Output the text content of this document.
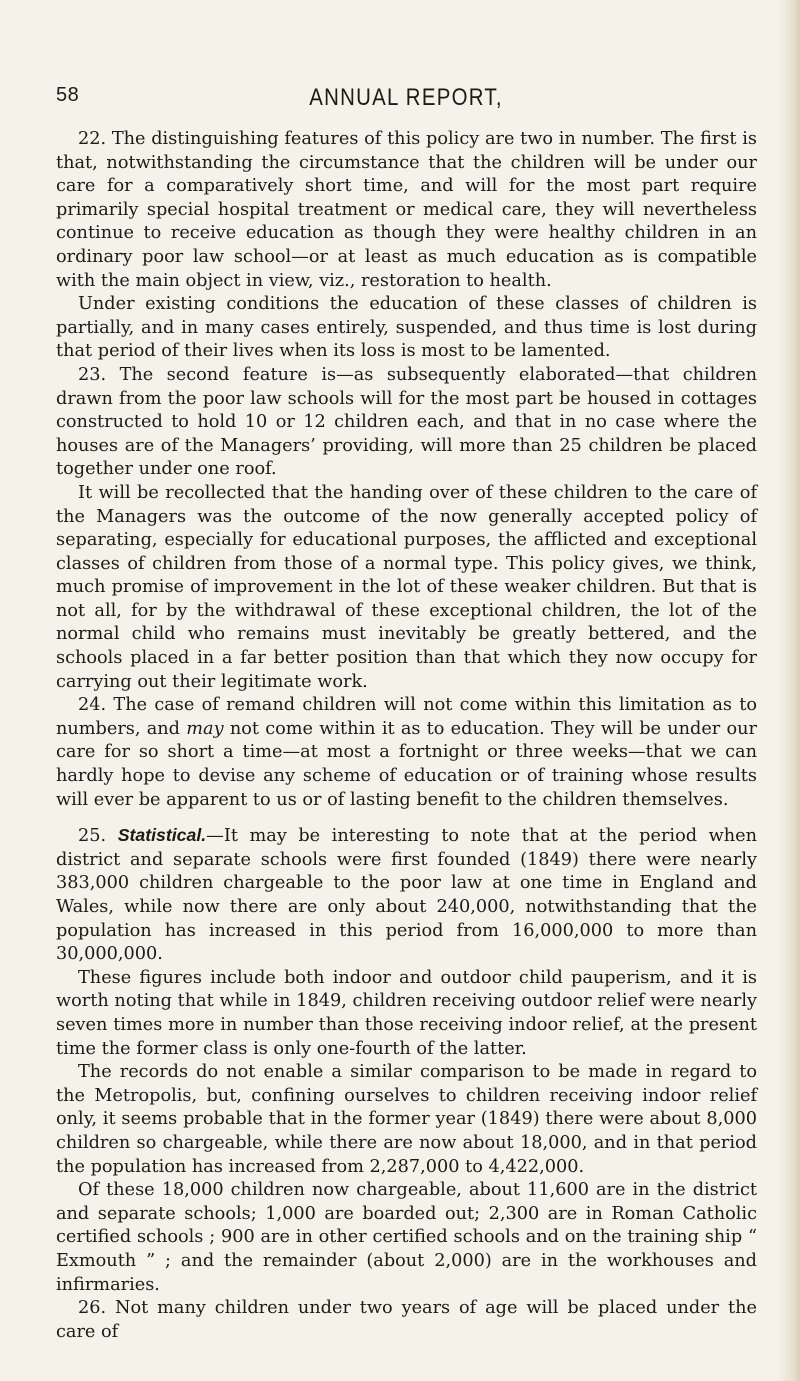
58	ANNUAL REPORT,

22. The distinguishing features of this policy are two in number. The first is that, notwithstanding the circumstance that the children will be under our care for a comparatively short time, and will for the most part require primarily special hospital treatment or medical care, they will nevertheless continue to receive education as though they were healthy children in an ordinary poor law school—or at least as much education as is compatible with the main object in view, viz., restoration to health.

Under existing conditions the education of these classes of children is partially, and in many cases entirely, suspended, and thus time is lost during that period of their lives when its loss is most to be lamented.

23. The second feature is—as subsequently elaborated—that children drawn from the poor law schools will for the most part be housed in cottages constructed to hold 10 or 12 children each, and that in no case where the houses are of the Managers’ providing, will more than 25 children be placed together under one roof.

It will be recollected that the handing over of these children to the care of the Managers was the outcome of the now generally accepted policy of separating, especially for educational purposes, the afflicted and exceptional classes of children from those of a normal type. This policy gives, we think, much promise of improvement in the lot of these weaker children. But that is not all, for by the withdrawal of these exceptional children, the lot of the normal child who remains must inevitably be greatly bettered, and the schools placed in a far better position than that which they now occupy for carrying out their legitimate work.

24. The case of remand children will not come within this limitation as to numbers, and may not come within it as to education. They will be under our care for so short a time—at most a fortnight or three weeks—that we can hardly hope to devise any scheme of education or of training whose results will ever be apparent to us or of lasting benefit to the children themselves.

25. Statistical.—It may be interesting to note that at the period when district and separate schools were first founded (1849) there were nearly 383,000 children chargeable to the poor law at one time in England and Wales, while now there are only about 240,000, notwithstanding that the population has increased in this period from 16,000,000 to more than 30,000,000.

These figures include both indoor and outdoor child pauperism, and it is worth noting that while in 1849, children receiving outdoor relief were nearly seven times more in number than those receiving indoor relief, at the present time the former class is only one-fourth of the latter.

The records do not enable a similar comparison to be made in regard to the Metropolis, but, confining ourselves to children receiving indoor relief only, it seems probable that in the former year (1849) there were about 8,000 children so chargeable, while there are now about 18,000, and in that period the population has increased from 2,287,000 to 4,422,000.

Of these 18,000 children now chargeable, about 11,600 are in the district and separate schools; 1,000 are boarded out; 2,300 are in Roman Catholic certified schools ; 900 are in other certified schools and on the training ship “ Exmouth ” ; and the remainder (about 2,000) are in the workhouses and infirmaries.

26. Not many children under two years of age will be placed under the care of
